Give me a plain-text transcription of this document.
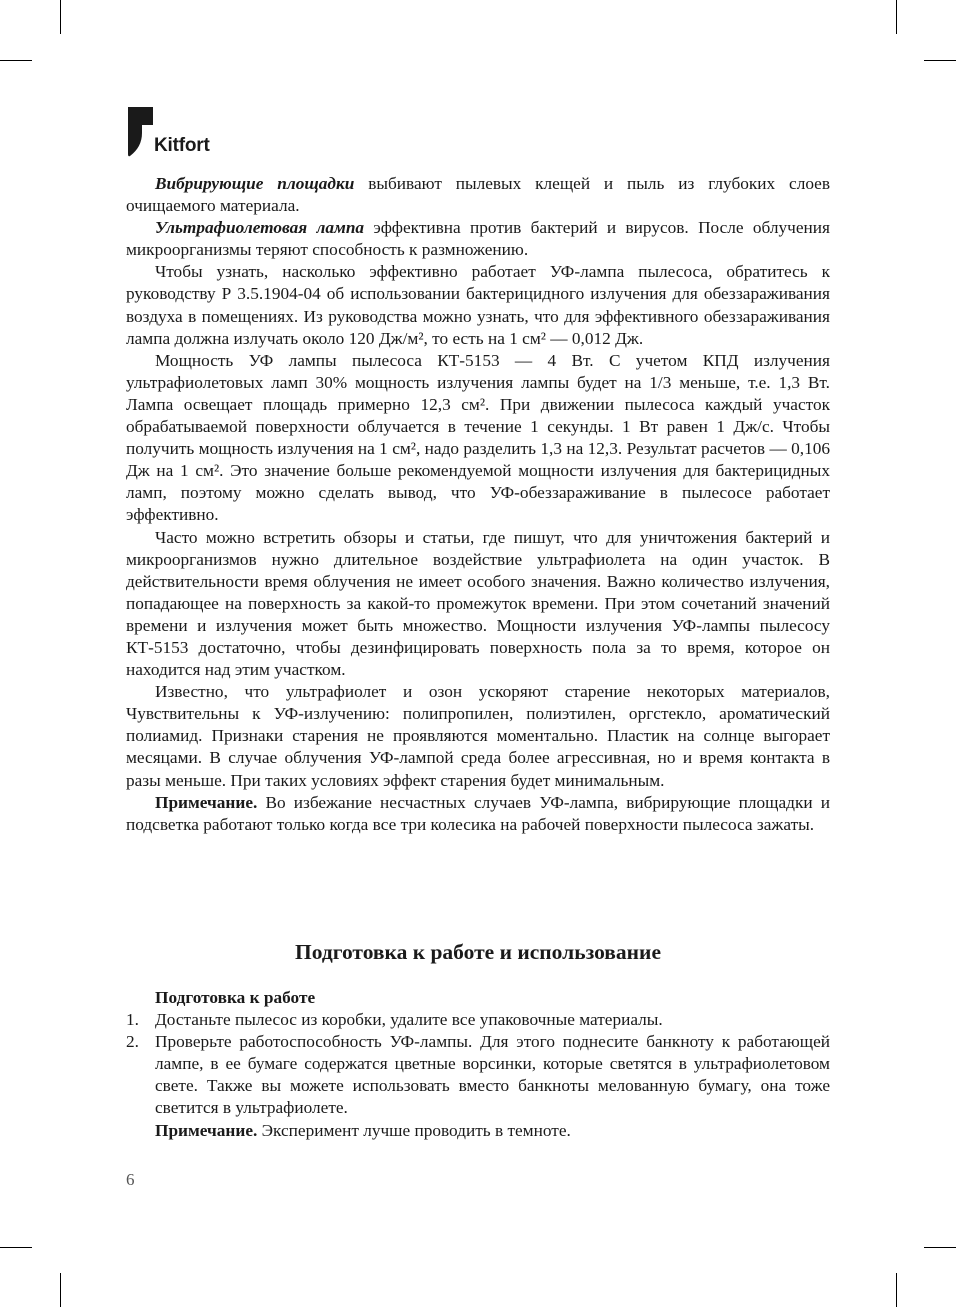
Kitfort

Вибрирующие площадки выбивают пылевых клещей и пыль из глубоких слоев очищаемого материала.

Ультрафиолетовая лампа эффективна против бактерий и вирусов. После облучения микроорганизмы теряют способность к размножению.

Чтобы узнать, насколько эффективно работает УФ-лампа пылесоса, обратитесь к руководству Р 3.5.1904-04 об использовании бактерицидного излучения для обеззараживания воздуха в помещениях. Из руководства можно узнать, что для эффективного обеззараживания лампа должна излучать около 120 Дж/м², то есть на 1 см² — 0,012 Дж.

Мощность УФ лампы пылесоса КТ-5153 — 4 Вт. С учетом КПД излучения ультрафиолетовых ламп 30% мощность излучения лампы будет на 1/3 меньше, т.е. 1,3 Вт. Лампа освещает площадь примерно 12,3 см². При движении пылесоса каждый участок обрабатываемой поверхности облучается в течение 1 секунды. 1 Вт равен 1 Дж/с. Чтобы получить мощность излучения на 1 см², надо разделить 1,3 на 12,3. Результат расчетов — 0,106 Дж на 1 см². Это значение больше рекомендуемой мощности излучения для бактерицидных ламп, поэтому можно сделать вывод, что УФ-обеззараживание в пылесосе работает эффективно.

Часто можно встретить обзоры и статьи, где пишут, что для уничтожения бактерий и микроорганизмов нужно длительное воздействие ультрафиолета на один участок. В действительности время облучения не имеет особого значения. Важно количество излучения, попадающее на поверхность за какой-то промежуток времени. При этом сочетаний значений времени и излучения может быть множество. Мощности излучения УФ-лампы пылесосу КТ-5153 достаточно, чтобы дезинфицировать поверхность пола за то время, которое он находится над этим участком.

Известно, что ультрафиолет и озон ускоряют старение некоторых материалов, Чувствительны к УФ-излучению: полипропилен, полиэтилен, оргстекло, ароматический полиамид. Признаки старения не проявляются моментально. Пластик на солнце выгорает месяцами. В случае облучения УФ-лампой среда более агрессивная, но и время контакта в разы меньше. При таких условиях эффект старения будет минимальным.

Примечание. Во избежание несчастных случаев УФ-лампа, вибрирующие площадки и подсветка работают только когда все три колесика на рабочей поверхности пылесоса зажаты.

Подготовка к работе и использование
Подготовка к работе
1. Достаньте пылесос из коробки, удалите все упаковочные материалы.
2. Проверьте работоспособность УФ-лампы. Для этого поднесите банкноту к работающей лампе, в ее бумаге содержатся цветные ворсинки, которые светятся в ультрафиолетовом свете. Также вы можете использовать вместо банкноты мелованную бумагу, она тоже светится в ультрафиолете.
Примечание. Эксперимент лучше проводить в темноте.
6
